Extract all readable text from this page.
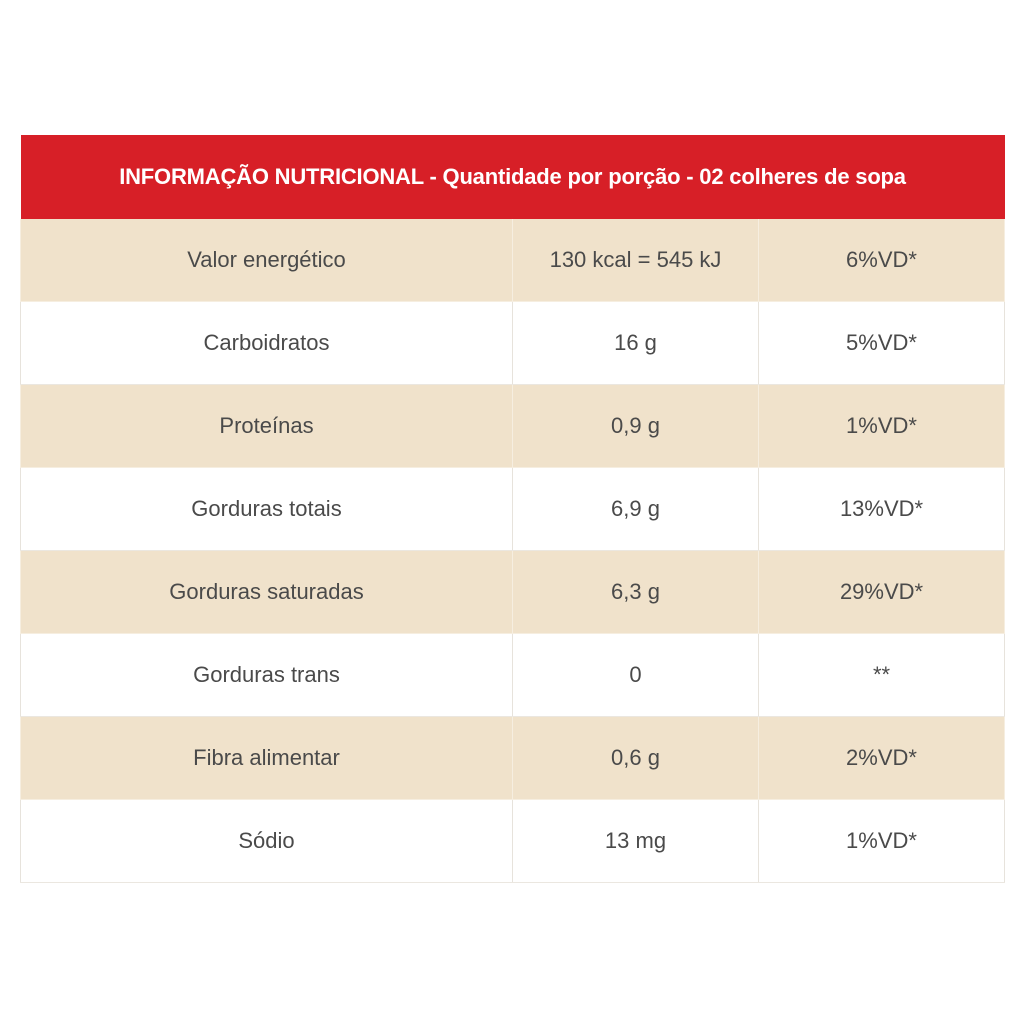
INFORMAÇÃO NUTRICIONAL - Quantidade por porção - 02 colheres de sopa		
Valor energético	130 kcal = 545 kJ	6%VD*
Carboidratos	16 g	5%VD*
Proteínas	0,9 g	1%VD*
Gorduras totais	6,9 g	13%VD*
Gorduras saturadas	6,3 g	29%VD*
Gorduras trans	0	**
Fibra alimentar	0,6 g	2%VD*
Sódio	13 mg	1%VD*
